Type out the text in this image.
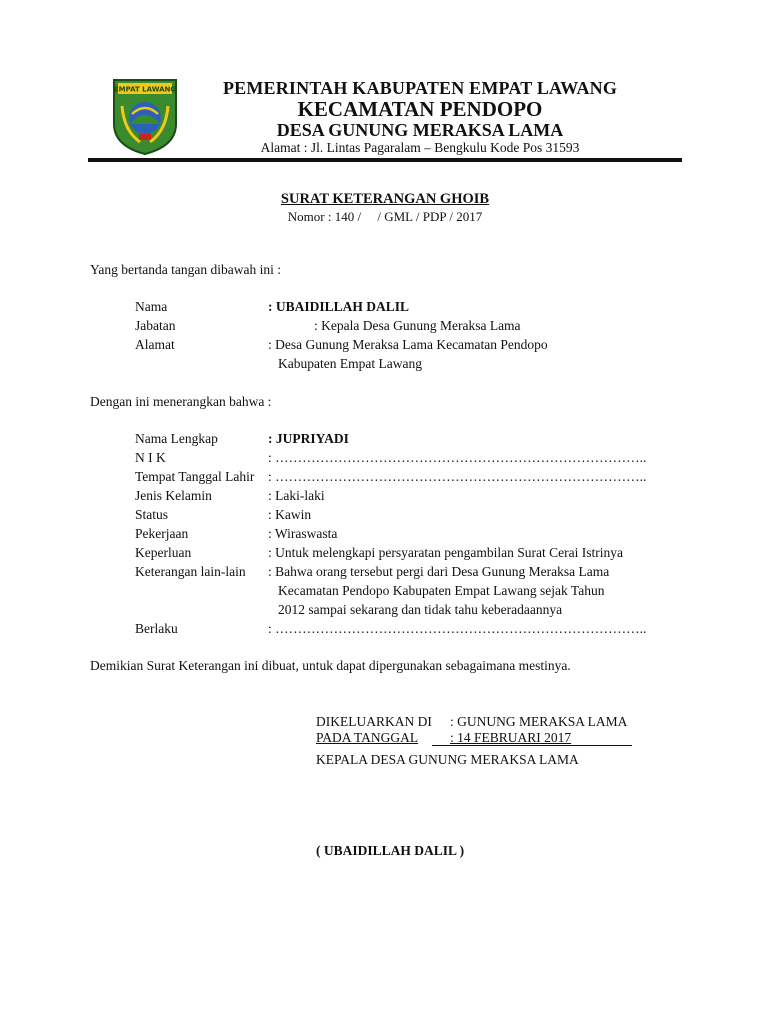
EMPAT LAWANG	PEMERINTAH KABUPATEN EMPAT LAWANG
KECAMATAN PENDOPO
DESA GUNUNG MERAKSA LAMA
Alamat : Jl. Lintas Pagaralam – Bengkulu Kode Pos 31593
SURAT KETERANGAN GHOIB
Nomor : 140 /     / GML / PDP / 2017
Yang bertanda tangan dibawah ini :
Nama	: UBAIDILLAH DALIL
Jabatan	: Kepala Desa Gunung Meraksa Lama
Alamat	: Desa Gunung Meraksa Lama Kecamatan Pendopo
Kabupaten Empat Lawang
Dengan ini menerangkan bahwa :
Nama Lengkap	: JUPRIYADI
N I K	: ………………………………………………………………………..
Tempat Tanggal Lahir : ………………………………………………………………………..
Jenis Kelamin	: Laki-laki
Status	: Kawin
Pekerjaan	: Wiraswasta
Keperluan	: Untuk melengkapi persyaratan pengambilan Surat Cerai Istrinya
Keterangan lain-lain : Bahwa orang tersebut pergi dari Desa Gunung Meraksa Lama
Kecamatan Pendopo Kabupaten Empat Lawang sejak Tahun
2012 sampai sekarang dan tidak tahu keberadaannya
Berlaku	: ………………………………………………………………………..
Demikian Surat Keterangan ini dibuat, untuk dapat dipergunakan sebagaimana mestinya.
DIKELUARKAN DI : GUNUNG MERAKSA LAMA
PADA TANGGAL : 14 FEBRUARI 2017
KEPALA DESA GUNUNG MERAKSA LAMA
( UBAIDILLAH DALIL )
